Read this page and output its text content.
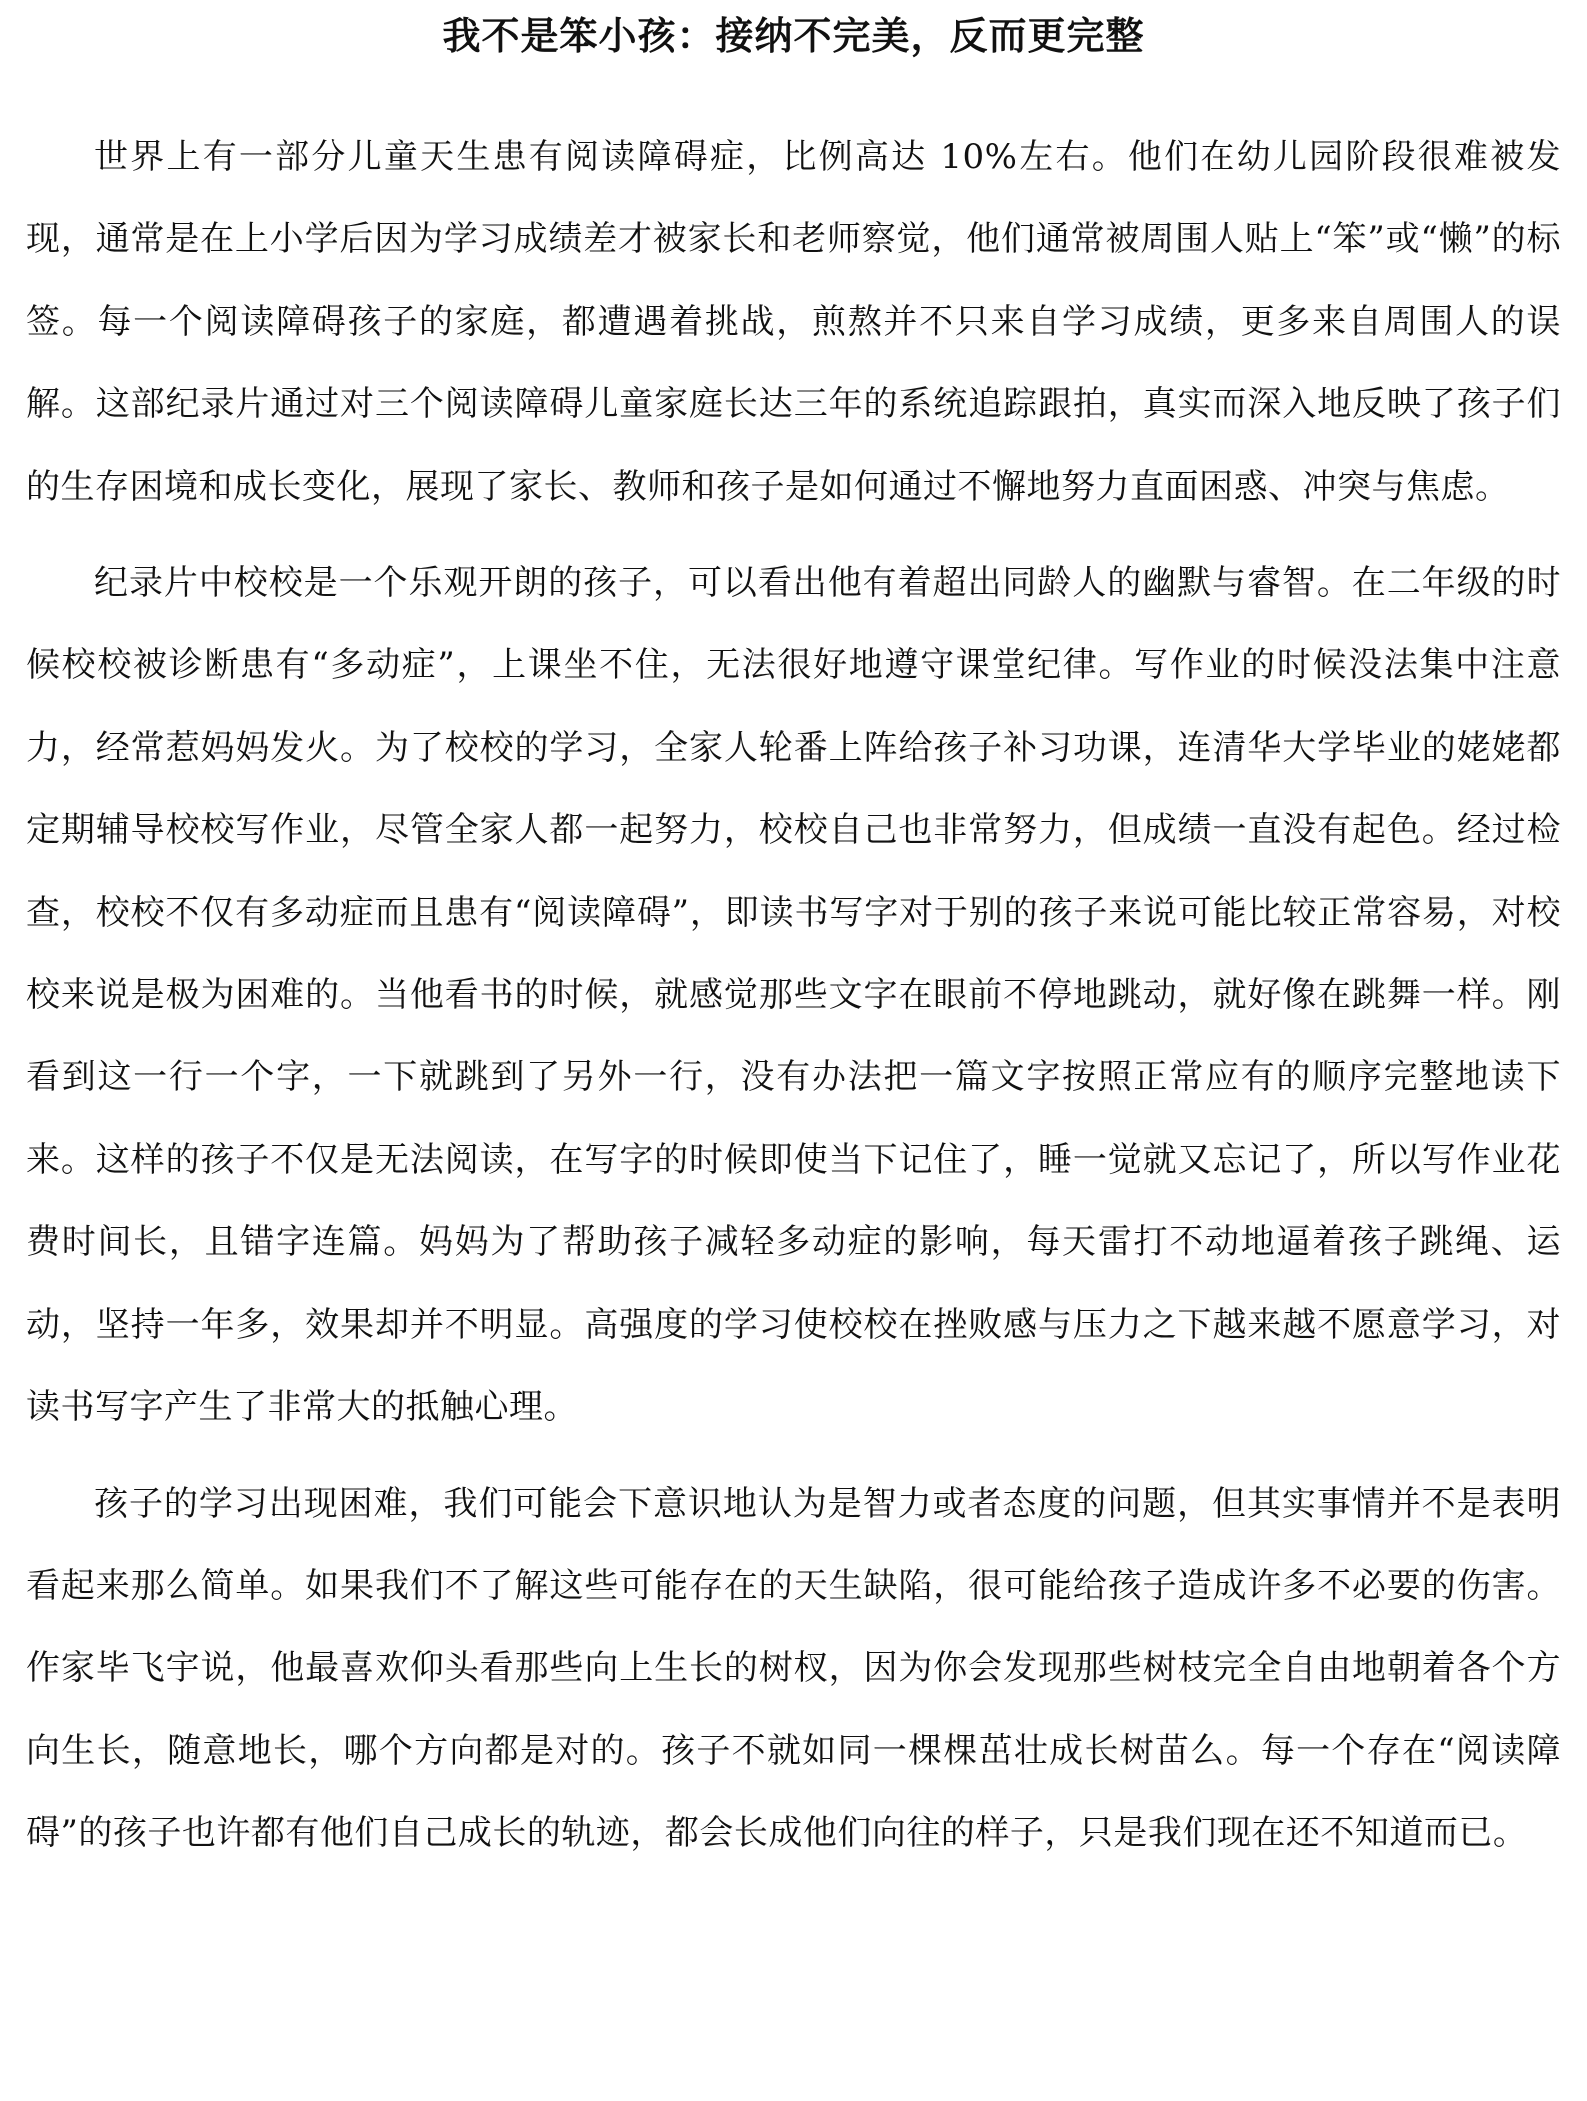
我不是笨小孩：接纳不完美，反而更完整

世界上有一部分儿童天生患有阅读障碍症，比例高达 10%左右。他们在幼儿园阶段很难被发现，通常是在上小学后因为学习成绩差才被家长和老师察觉，他们通常被周围人贴上“笨”或“懒”的标签。每一个阅读障碍孩子的家庭，都遭遇着挑战，煎熬并不只来自学习成绩，更多来自周围人的误解。这部纪录片通过对三个阅读障碍儿童家庭长达三年的系统追踪跟拍，真实而深入地反映了孩子们的生存困境和成长变化，展现了家长、教师和孩子是如何通过不懈地努力直面困惑、冲突与焦虑。

纪录片中校校是一个乐观开朗的孩子，可以看出他有着超出同龄人的幽默与睿智。在二年级的时候校校被诊断患有“多动症”，上课坐不住，无法很好地遵守课堂纪律。写作业的时候没法集中注意力，经常惹妈妈发火。为了校校的学习，全家人轮番上阵给孩子补习功课，连清华大学毕业的姥姥都定期辅导校校写作业，尽管全家人都一起努力，校校自己也非常努力，但成绩一直没有起色。经过检查，校校不仅有多动症而且患有“阅读障碍”，即读书写字对于别的孩子来说可能比较正常容易，对校校来说是极为困难的。当他看书的时候，就感觉那些文字在眼前不停地跳动，就好像在跳舞一样。刚看到这一行一个字，一下就跳到了另外一行，没有办法把一篇文字按照正常应有的顺序完整地读下来。这样的孩子不仅是无法阅读，在写字的时候即使当下记住了，睡一觉就又忘记了，所以写作业花费时间长，且错字连篇。妈妈为了帮助孩子减轻多动症的影响，每天雷打不动地逼着孩子跳绳、运动，坚持一年多，效果却并不明显。高强度的学习使校校在挫败感与压力之下越来越不愿意学习，对读书写字产生了非常大的抵触心理。

孩子的学习出现困难，我们可能会下意识地认为是智力或者态度的问题，但其实事情并不是表明看起来那么简单。如果我们不了解这些可能存在的天生缺陷，很可能给孩子造成许多不必要的伤害。作家毕飞宇说，他最喜欢仰头看那些向上生长的树杈，因为你会发现那些树枝完全自由地朝着各个方向生长，随意地长，哪个方向都是对的。孩子不就如同一棵棵茁壮成长树苗么。每一个存在“阅读障碍”的孩子也许都有他们自己成长的轨迹，都会长成他们向往的样子，只是我们现在还不知道而已。
